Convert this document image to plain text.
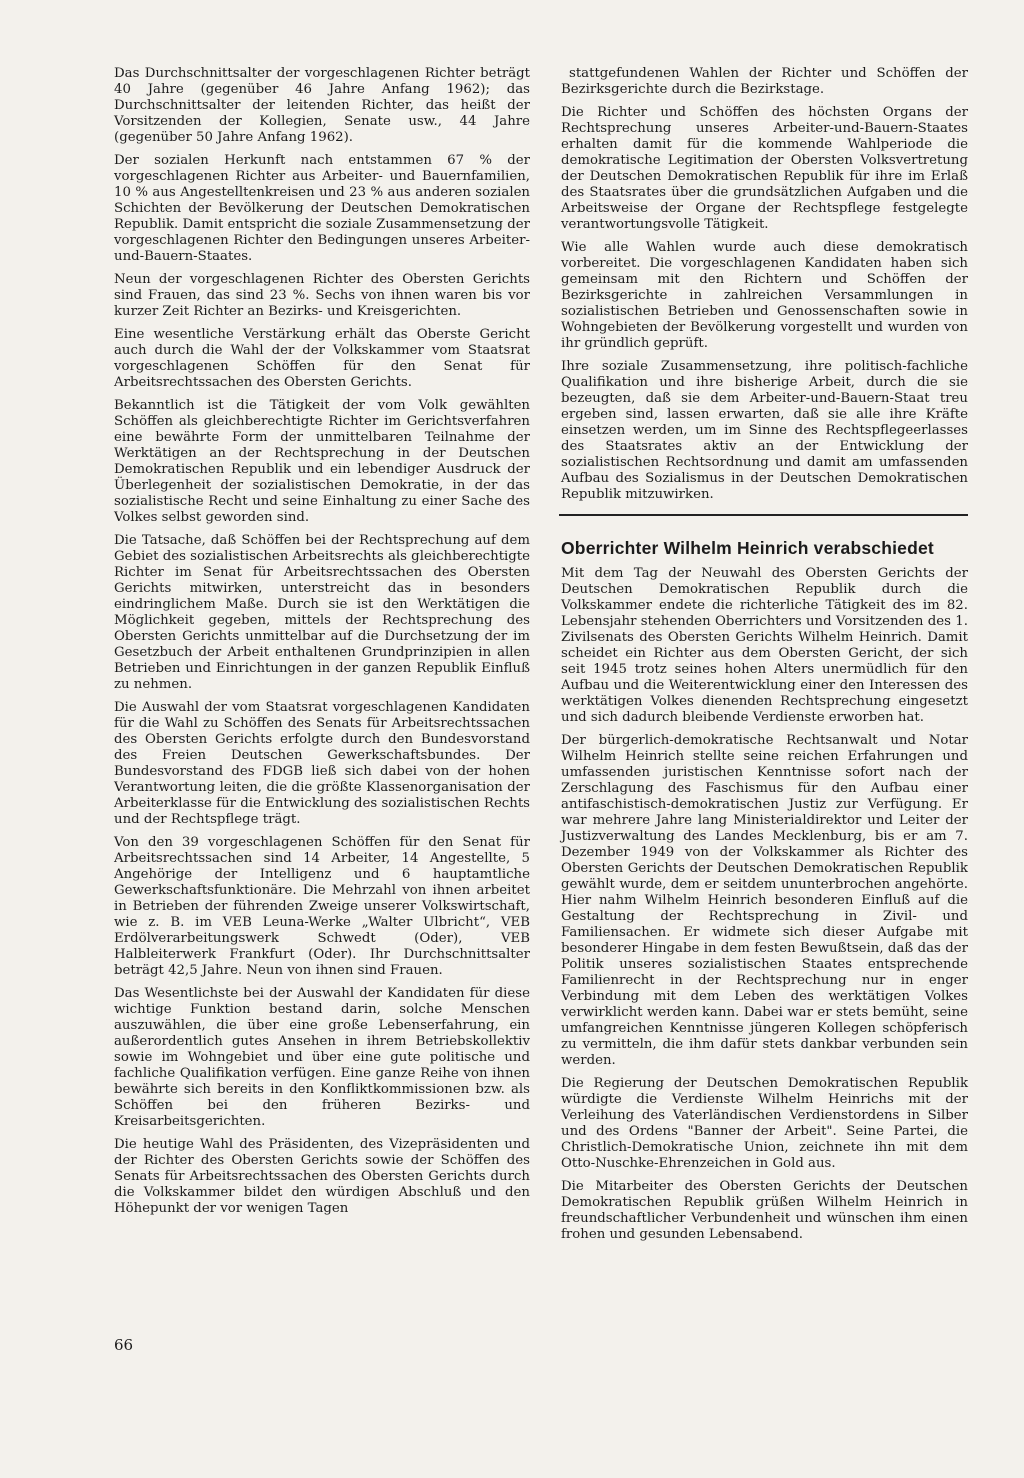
Das Durchschnittsalter der vorgeschlagenen Richter beträgt 40 Jahre (gegenüber 46 Jahre Anfang 1962); das Durchschnittsalter der leitenden Richter, das heißt der Vorsitzenden der Kollegien, Senate usw., 44 Jahre (gegenüber 50 Jahre Anfang 1962).

Der sozialen Herkunft nach entstammen 67 % der vorgeschlagenen Richter aus Arbeiter- und Bauernfamilien, 10 % aus Angestelltenkreisen und 23 % aus anderen sozialen Schichten der Bevölkerung der Deutschen Demokratischen Republik. Damit entspricht die soziale Zusammensetzung der vorgeschlagenen Richter den Bedingungen unseres Arbeiter-und-Bauern-Staates.

Neun der vorgeschlagenen Richter des Obersten Gerichts sind Frauen, das sind 23 %. Sechs von ihnen waren bis vor kurzer Zeit Richter an Bezirks- und Kreisgerichten.

Eine wesentliche Verstärkung erhält das Oberste Gericht auch durch die Wahl der der Volkskammer vom Staatsrat vorgeschlagenen Schöffen für den Senat für Arbeitsrechtssachen des Obersten Gerichts.

Bekanntlich ist die Tätigkeit der vom Volk gewählten Schöffen als gleichberechtigte Richter im Gerichtsverfahren eine bewährte Form der unmittelbaren Teilnahme der Werktätigen an der Rechtsprechung in der Deutschen Demokratischen Republik und ein lebendiger Ausdruck der Überlegenheit der sozialistischen Demokratie, in der das sozialistische Recht und seine Einhaltung zu einer Sache des Volkes selbst geworden sind.

Die Tatsache, daß Schöffen bei der Rechtsprechung auf dem Gebiet des sozialistischen Arbeitsrechts als gleichberechtigte Richter im Senat für Arbeitsrechtssachen des Obersten Gerichts mitwirken, unterstreicht das in besonders eindringlichem Maße. Durch sie ist den Werktätigen die Möglichkeit gegeben, mittels der Rechtsprechung des Obersten Gerichts unmittelbar auf die Durchsetzung der im Gesetzbuch der Arbeit enthaltenen Grundprinzipien in allen Betrieben und Einrichtungen in der ganzen Republik Einfluß zu nehmen.

Die Auswahl der vom Staatsrat vorgeschlagenen Kandidaten für die Wahl zu Schöffen des Senats für Arbeitsrechtssachen des Obersten Gerichts erfolgte durch den Bundesvorstand des Freien Deutschen Gewerkschaftsbundes. Der Bundesvorstand des FDGB ließ sich dabei von der hohen Verantwortung leiten, die die größte Klassenorganisation der Arbeiterklasse für die Entwicklung des sozialistischen Rechts und der Rechtspflege trägt.

Von den 39 vorgeschlagenen Schöffen für den Senat für Arbeitsrechtssachen sind 14 Arbeiter, 14 Angestellte, 5 Angehörige der Intelligenz und 6 hauptamtliche Gewerkschaftsfunktionäre. Die Mehrzahl von ihnen arbeitet in Betrieben der führenden Zweige unserer Volkswirtschaft, wie z. B. im VEB Leuna-Werke „Walter Ulbricht“, VEB Erdölverarbeitungswerk Schwedt (Oder), VEB Halbleiterwerk Frankfurt (Oder). Ihr Durchschnittsalter beträgt 42,5 Jahre. Neun von ihnen sind Frauen.

Das Wesentlichste bei der Auswahl der Kandidaten für diese wichtige Funktion bestand darin, solche Menschen auszuwählen, die über eine große Lebenserfahrung, ein außerordentlich gutes Ansehen in ihrem Betriebskollektiv sowie im Wohngebiet und über eine gute politische und fachliche Qualifikation verfügen. Eine ganze Reihe von ihnen bewährte sich bereits in den Konfliktkommissionen bzw. als Schöffen bei den früheren Bezirks- und Kreisarbeitsgerichten.

Die heutige Wahl des Präsidenten, des Vizepräsidenten und der Richter des Obersten Gerichts sowie der Schöffen des Senats für Arbeitsrechtssachen des Obersten Gerichts durch die Volkskammer bildet den würdigen Abschluß und den Höhepunkt der vor wenigen Tagen

stattgefundenen Wahlen der Richter und Schöffen der Bezirksgerichte durch die Bezirkstage.

Die Richter und Schöffen des höchsten Organs der Rechtsprechung unseres Arbeiter-und-Bauern-Staates erhalten damit für die kommende Wahlperiode die demokratische Legitimation der Obersten Volksvertretung der Deutschen Demokratischen Republik für ihre im Erlaß des Staatsrates über die grundsätzlichen Aufgaben und die Arbeitsweise der Organe der Rechtspflege festgelegte verantwortungsvolle Tätigkeit.

Wie alle Wahlen wurde auch diese demokratisch vorbereitet. Die vorgeschlagenen Kandidaten haben sich gemeinsam mit den Richtern und Schöffen der Bezirksgerichte in zahlreichen Versammlungen in sozialistischen Betrieben und Genossenschaften sowie in Wohngebieten der Bevölkerung vorgestellt und wurden von ihr gründlich geprüft.

Ihre soziale Zusammensetzung, ihre politisch-fachliche Qualifikation und ihre bisherige Arbeit, durch die sie bezeugten, daß sie dem Arbeiter-und-Bauern-Staat treu ergeben sind, lassen erwarten, daß sie alle ihre Kräfte einsetzen werden, um im Sinne des Rechtspflegeerlasses des Staatsrates aktiv an der Entwicklung der sozialistischen Rechtsordnung und damit am umfassenden Aufbau des Sozialismus in der Deutschen Demokratischen Republik mitzuwirken.

Oberrichter Wilhelm Heinrich verabschiedet

Mit dem Tag der Neuwahl des Obersten Gerichts der Deutschen Demokratischen Republik durch die Volkskammer endete die richterliche Tätigkeit des im 82. Lebensjahr stehenden Oberrichters und Vorsitzenden des 1. Zivilsenats des Obersten Gerichts Wilhelm Heinrich. Damit scheidet ein Richter aus dem Obersten Gericht, der sich seit 1945 trotz seines hohen Alters unermüdlich für den Aufbau und die Weiterentwicklung einer den Interessen des werktätigen Volkes dienenden Rechtsprechung eingesetzt und sich dadurch bleibende Verdienste erworben hat.

Der bürgerlich-demokratische Rechtsanwalt und Notar Wilhelm Heinrich stellte seine reichen Erfahrungen und umfassenden juristischen Kenntnisse sofort nach der Zerschlagung des Faschismus für den Aufbau einer antifaschistisch-demokratischen Justiz zur Verfügung. Er war mehrere Jahre lang Ministerialdirektor und Leiter der Justizverwaltung des Landes Mecklenburg, bis er am 7. Dezember 1949 von der Volkskammer als Richter des Obersten Gerichts der Deutschen Demokratischen Republik gewählt wurde, dem er seitdem ununterbrochen angehörte. Hier nahm Wilhelm Heinrich besonderen Einfluß auf die Gestaltung der Rechtsprechung in Zivil- und Familiensachen. Er widmete sich dieser Aufgabe mit besonderer Hingabe in dem festen Bewußtsein, daß das der Politik unseres sozialistischen Staates entsprechende Familienrecht in der Rechtsprechung nur in enger Verbindung mit dem Leben des werktätigen Volkes verwirklicht werden kann. Dabei war er stets bemüht, seine umfangreichen Kenntnisse jüngeren Kollegen schöpferisch zu vermitteln, die ihm dafür stets dankbar verbunden sein werden.

Die Regierung der Deutschen Demokratischen Republik würdigte die Verdienste Wilhelm Heinrichs mit der Verleihung des Vaterländischen Verdienstordens in Silber und des Ordens "Banner der Arbeit". Seine Partei, die Christlich-Demokratische Union, zeichnete ihn mit dem Otto-Nuschke-Ehrenzeichen in Gold aus.

Die Mitarbeiter des Obersten Gerichts der Deutschen Demokratischen Republik grüßen Wilhelm Heinrich in freundschaftlicher Verbundenheit und wünschen ihm einen frohen und gesunden Lebensabend.

66
